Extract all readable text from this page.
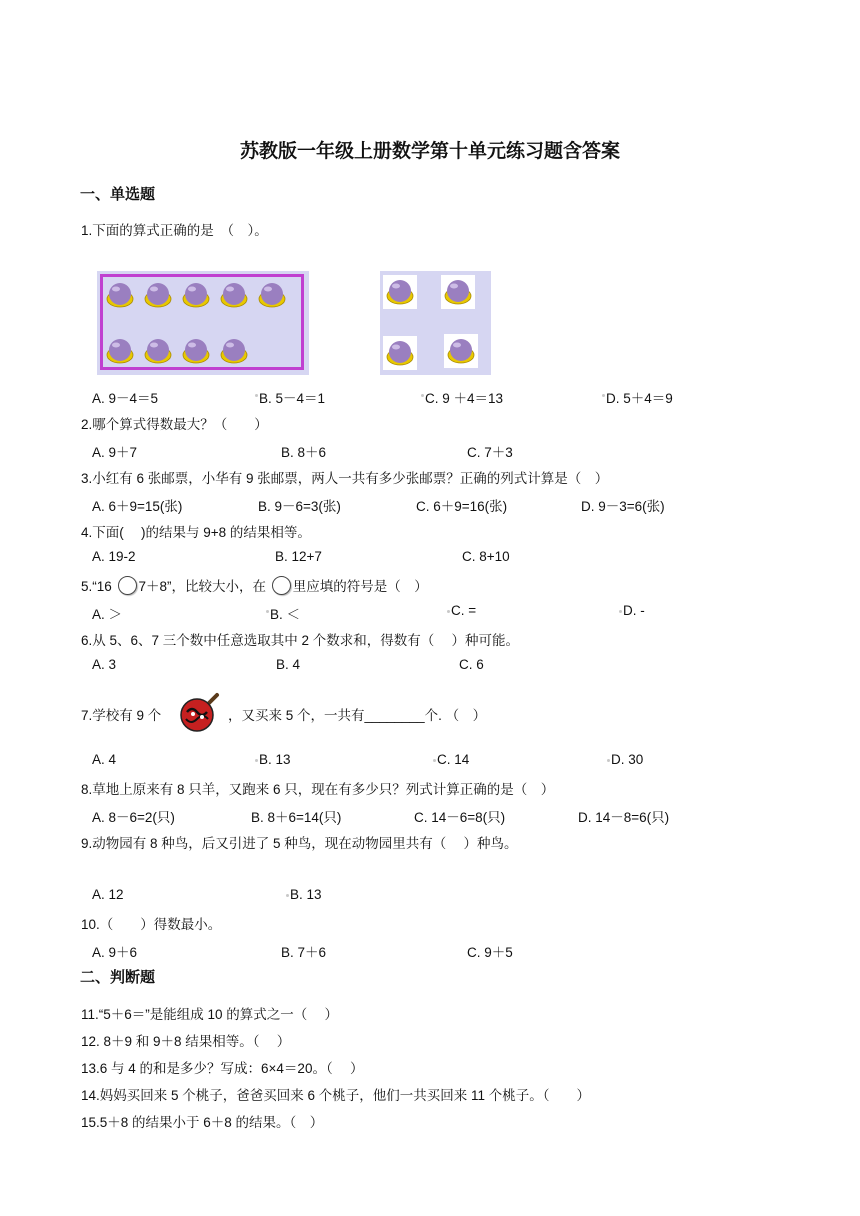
苏教版一年级上册数学第十单元练习题含答案
一、单选题
1.下面的算式正确的是　（　）。
A. 9－4＝5	B. 5－4＝1	C. 9 ＋4＝13	D. 5＋4＝9
2.哪个算式得数最大？（　　）
A. 9＋7	B. 8＋6	C. 7＋3
3.小红有 6 张邮票，小华有 9 张邮票，两人一共有多少张邮票？正确的列式计算是（　）
A. 6＋9=15(张)	B. 9－6=3(张)	C. 6＋9=16(张)	D. 9－3=6(张)
4.下面(　 )的结果与 9+8 的结果相等。
A. 19-2	B. 12+7	C. 8+10
5.“16 7＋8”，比较大小，在 里应填的符号是（　）
A. ＞	B. ＜	C. =	D. -
6.从 5、6、7 三个数中任意选取其中 2 个数求和，得数有（　 ）种可能。
A. 3	B. 4	C. 6
7.学校有 9 个	，又买来 5 个，一共有________个. （　）
A. 4	B. 13	C. 14	D. 30
8.草地上原来有 8 只羊，又跑来 6 只，现在有多少只？列式计算正确的是（　）
A. 8－6=2(只)	B. 8＋6=14(只)	C. 14－6=8(只)	D. 14－8=6(只)
9.动物园有 8 种鸟，后又引进了 5 种鸟，现在动物园里共有（　 ）种鸟。
A. 12	B. 13
10.（　　）得数最小。
A. 9＋6	B. 7＋6	C. 9＋5
二、判断题
11.“5＋6＝”是能组成 10 的算式之一（　 ）
12. 8＋9 和 9＋8 结果相等。（　 ）
13.6 与 4 的和是多少？写成：6×4＝20。（　 ）
14.妈妈买回来 5 个桃子，爸爸买回来 6 个桃子，他们一共买回来 11 个桃子。（　　）
15.5＋8 的结果小于 6＋8 的结果。（　）
